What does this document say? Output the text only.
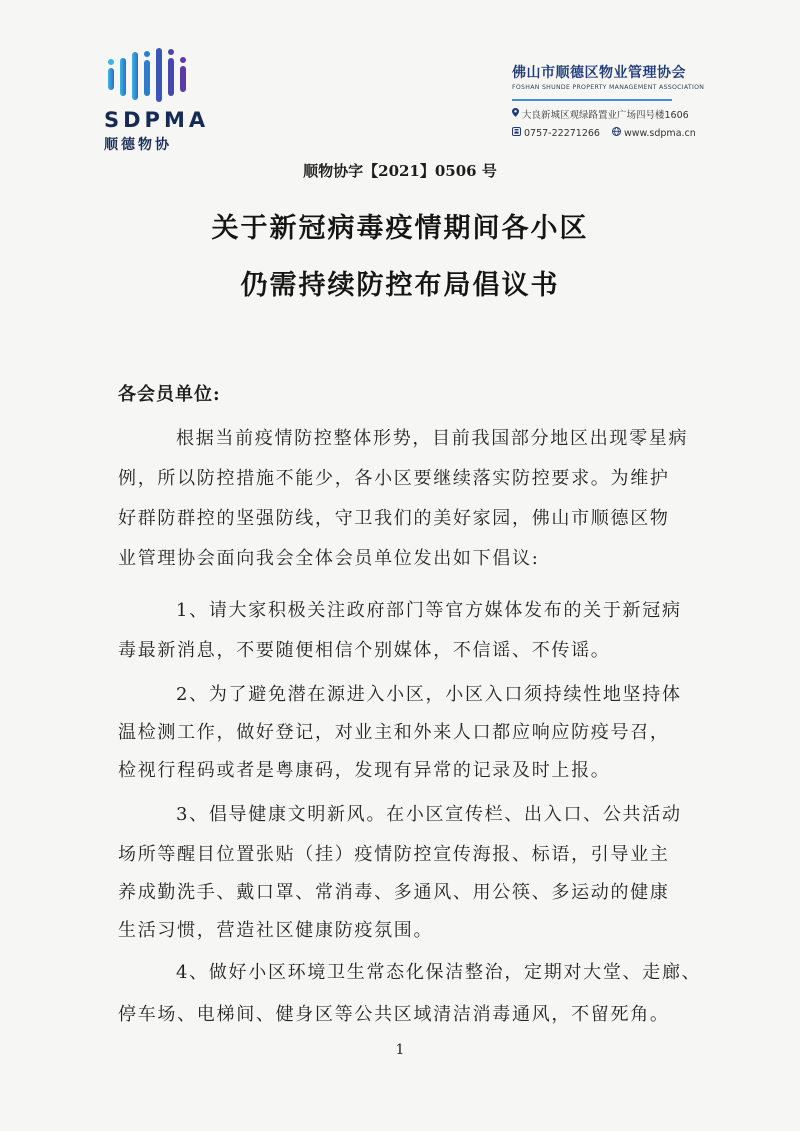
SDPMA
顺德物协
佛山市顺德区物业管理协会
FOSHAN SHUNDE PROPERTY MANAGEMENT ASSOCIATION
大良新城区观绿路置业广场四号楼1606
0757-22271266	www.sdpma.cn
顺物协字【2021】0506 号
关于新冠病毒疫情期间各小区
仍需持续防控布局倡议书
各会员单位:
根据当前疫情防控整体形势，目前我国部分地区出现零星病
例，所以防控措施不能少，各小区要继续落实防控要求。为维护
好群防群控的坚强防线，守卫我们的美好家园，佛山市顺德区物
业管理协会面向我会全体会员单位发出如下倡议:
1、请大家积极关注政府部门等官方媒体发布的关于新冠病
毒最新消息，不要随便相信个别媒体，不信谣、不传谣。
2、为了避免潜在源进入小区，小区入口须持续性地坚持体
温检测工作，做好登记，对业主和外来人口都应响应防疫号召，
检视行程码或者是粤康码，发现有异常的记录及时上报。
3、倡导健康文明新风。在小区宣传栏、出入口、公共活动
场所等醒目位置张贴（挂）疫情防控宣传海报、标语，引导业主
养成勤洗手、戴口罩、常消毒、多通风、用公筷、多运动的健康
生活习惯，营造社区健康防疫氛围。
4、做好小区环境卫生常态化保洁整治，定期对大堂、走廊、
1
停车场、电梯间、健身区等公共区域清洁消毒通风，不留死角。
